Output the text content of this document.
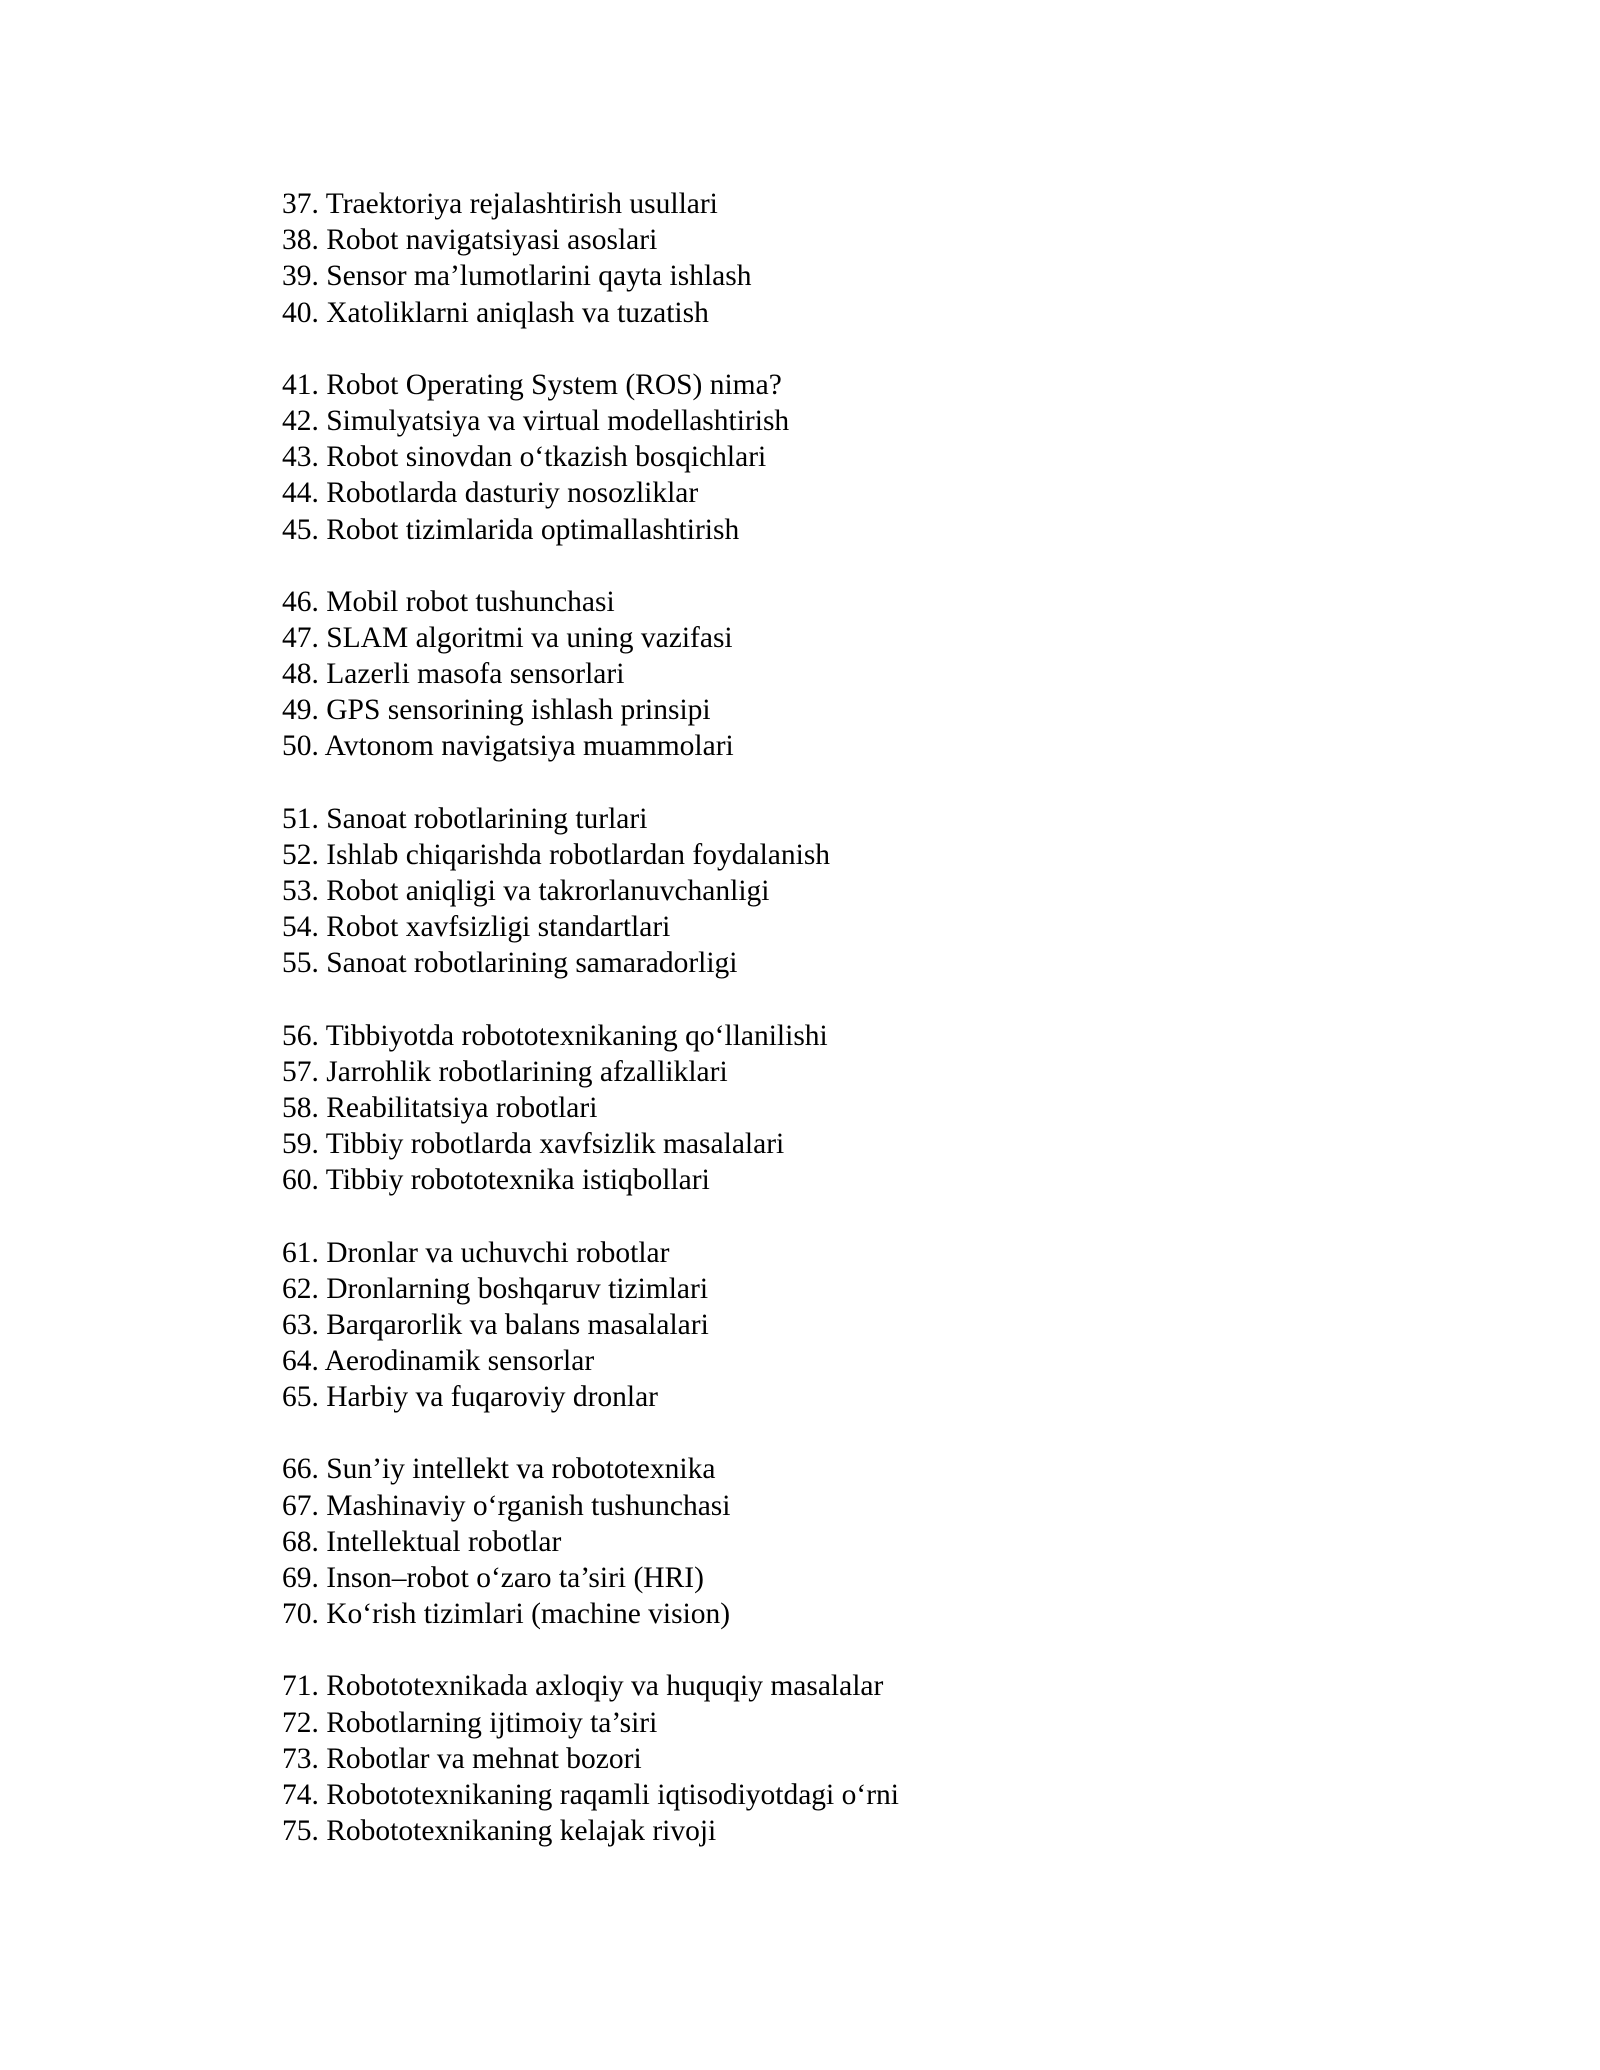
37. Traektoriya rejalashtirish usullari
38. Robot navigatsiyasi asoslari
39. Sensor ma’lumotlarini qayta ishlash
40. Xatoliklarni aniqlash va tuzatish
41. Robot Operating System (ROS) nima?
42. Simulyatsiya va virtual modellashtirish
43. Robot sinovdan o‘tkazish bosqichlari
44. Robotlarda dasturiy nosozliklar
45. Robot tizimlarida optimallashtirish
46. Mobil robot tushunchasi
47. SLAM algoritmi va uning vazifasi
48. Lazerli masofa sensorlari
49. GPS sensorining ishlash prinsipi
50. Avtonom navigatsiya muammolari
51. Sanoat robotlarining turlari
52. Ishlab chiqarishda robotlardan foydalanish
53. Robot aniqligi va takrorlanuvchanligi
54. Robot xavfsizligi standartlari
55. Sanoat robotlarining samaradorligi
56. Tibbiyotda robototexnikaning qo‘llanilishi
57. Jarrohlik robotlarining afzalliklari
58. Reabilitatsiya robotlari
59. Tibbiy robotlarda xavfsizlik masalalari
60. Tibbiy robototexnika istiqbollari
61. Dronlar va uchuvchi robotlar
62. Dronlarning boshqaruv tizimlari
63. Barqarorlik va balans masalalari
64. Aerodinamik sensorlar
65. Harbiy va fuqaroviy dronlar
66. Sun’iy intellekt va robototexnika
67. Mashinaviy o‘rganish tushunchasi
68. Intellektual robotlar
69. Inson–robot o‘zaro ta’siri (HRI)
70. Ko‘rish tizimlari (machine vision)
71. Robototexnikada axloqiy va huquqiy masalalar
72. Robotlarning ijtimoiy ta’siri
73. Robotlar va mehnat bozori
74. Robototexnikaning raqamli iqtisodiyotdagi o‘rni
75. Robototexnikaning kelajak rivoji
